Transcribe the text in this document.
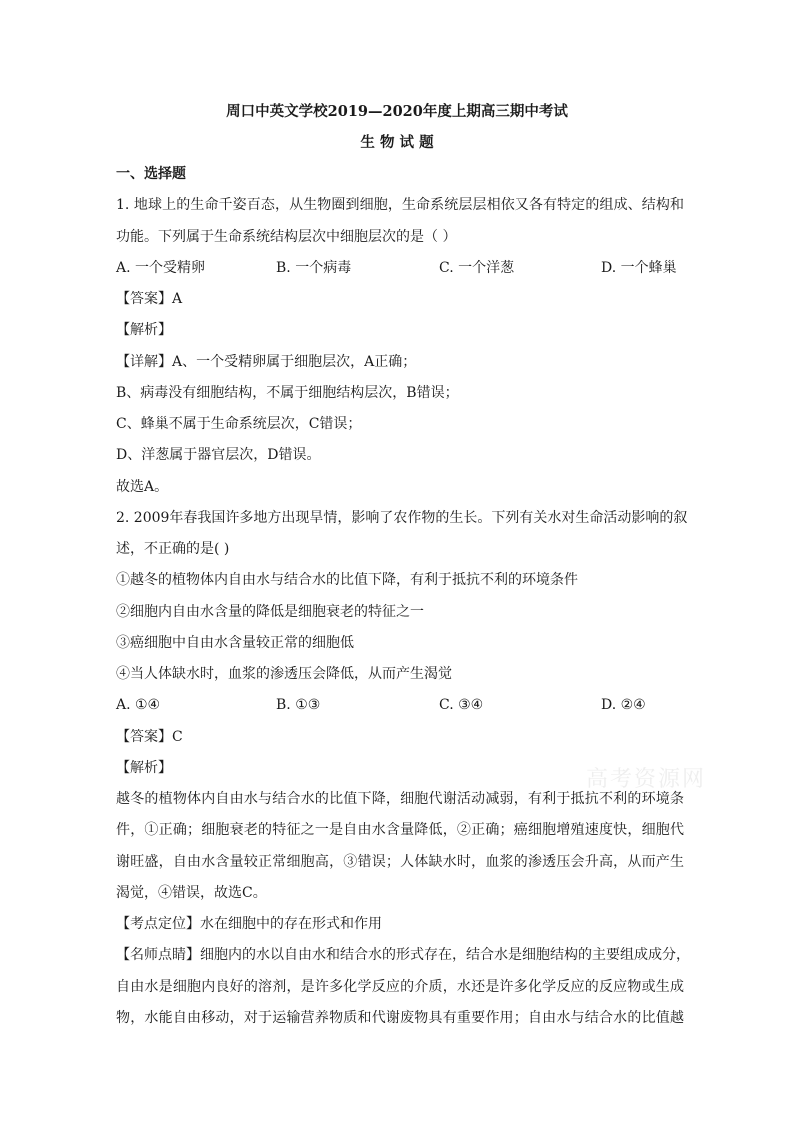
周口中英文学校2019—2020年度上期高三期中考试
生 物 试 题
一、选择题
1. 地球上的生命千姿百态，从生物圈到细胞，生命系统层层相依又各有特定的组成、结构和
功能。下列属于生命系统结构层次中细胞层次的是（ ）
A. 一个受精卵	B. 一个病毒	C. 一个洋葱	D. 一个蜂巢
【答案】A
【解析】
【详解】A、一个受精卵属于细胞层次，A正确；
B、病毒没有细胞结构，不属于细胞结构层次，B错误；
C、蜂巢不属于生命系统层次，C错误；
D、洋葱属于器官层次，D错误。
故选A。
2. 2009年春我国许多地方出现旱情，影响了农作物的生长。下列有关水对生命活动影响的叙
述，不正确的是( )
①越冬的植物体内自由水与结合水的比值下降，有利于抵抗不利的环境条件
②细胞内自由水含量的降低是细胞衰老的特征之一
③癌细胞中自由水含量较正常的细胞低
④当人体缺水时，血浆的渗透压会降低，从而产生渴觉
A. ①④	B. ①③	C. ③④	D. ②④
【答案】C
【解析】
越冬的植物体内自由水与结合水的比值下降，细胞代谢活动减弱，有利于抵抗不利的环境条
件，①正确；细胞衰老的特征之一是自由水含量降低，②正确；癌细胞增殖速度快，细胞代
谢旺盛，自由水含量较正常细胞高，③错误；人体缺水时，血浆的渗透压会升高，从而产生
渴觉，④错误，故选C。
【考点定位】水在细胞中的存在形式和作用
【名师点睛】细胞内的水以自由水和结合水的形式存在，结合水是细胞结构的主要组成成分，
自由水是细胞内良好的溶剂，是许多化学反应的介质，水还是许多化学反应的反应物或生成
物，水能自由移动，对于运输营养物质和代谢废物具有重要作用；自由水与结合水的比值越
高考资源网
